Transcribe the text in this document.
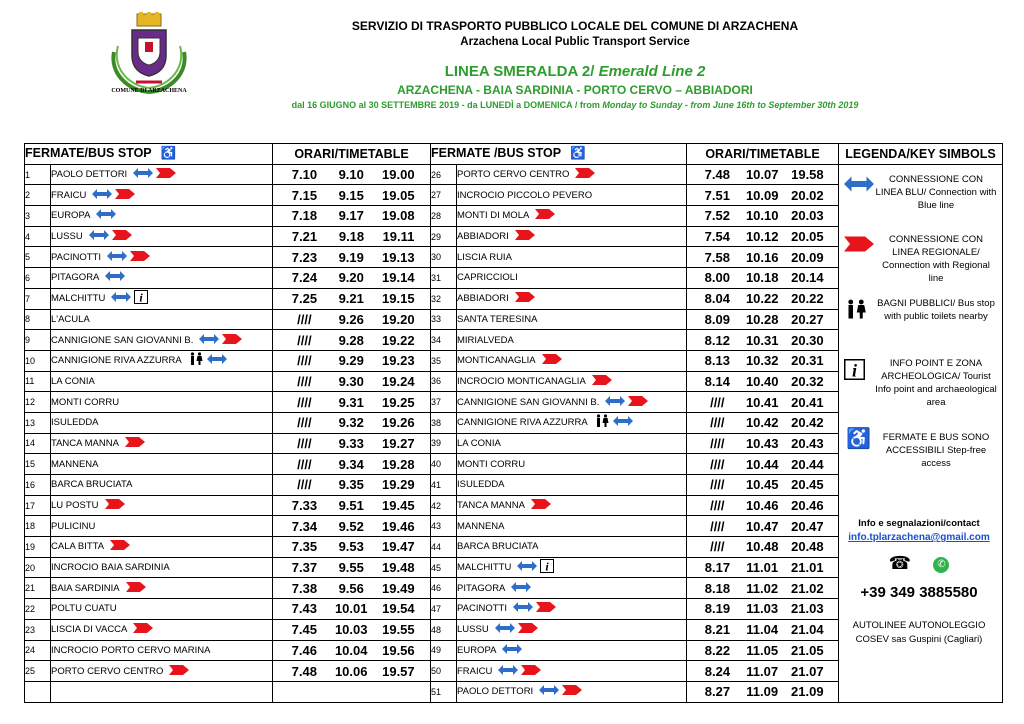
COMUNE DI ARZACHENA
SERVIZIO DI TRASPORTO PUBBLICO LOCALE DEL COMUNE DI ARZACHENA
Arzachena Local Public Transport Service
LINEA SMERALDA 2/ Emerald Line 2
ARZACHENA - BAIA SARDINIA - PORTO CERVO – ABBIADORI
dal 16 GIUGNO al 30 SETTEMBRE 2019 - da LUNEDÌ a DOMENICA / from Monday to Sunday - from June 16th to September 30th 2019
FERMATE/BUS STOP ♿		ORARI/TIMETABLE	FERMATE /BUS STOP ♿		ORARI/TIMETABLE	LEGENDA/KEY SIMBOLS
1	PAOLO DETTORI	7.10 9.10 19.00	26	PORTO CERVO CENTRO	7.48 10.07 19.58	

2	FRAICU	7.15 9.15 19.05	27	INCROCIO PICCOLO PEVERO	7.51 10.09 20.02	

3	EUROPA	7.18 9.17 19.08	28	MONTI DI MOLA	7.52 10.10 20.03	

4	LUSSU	7.21 9.18 19.11	29	ABBIADORI	7.54 10.12 20.05	

5	PACINOTTI	7.23 9.19 19.13	30	LISCIA RUIA	7.58 10.16 20.09	

6	PITAGORA	7.24 9.20 19.14	31	CAPRICCIOLI	8.00 10.18 20.14	

7	MALCHITTU i	7.25 9.21 19.15	32	ABBIADORI	8.04 10.22 20.22	

8	L'ACULA	//// 9.26 19.20	33	SANTA TERESINA	8.09 10.28 20.27	

9	CANNIGIONE SAN GIOVANNI B.	//// 9.28 19.22	34	MIRIALVEDA	8.12 10.31 20.30	

10	CANNIGIONE RIVA AZZURRA	//// 9.29 19.23	35	MONTICANAGLIA	8.13 10.32 20.31	

11	LA CONIA	//// 9.30 19.24	36	INCROCIO MONTICANAGLIA	8.14 10.40 20.32	

12	MONTI CORRU	//// 9.31 19.25	37	CANNIGIONE SAN GIOVANNI B.	//// 10.41 20.41	

13	ISULEDDA	//// 9.32 19.26	38	CANNIGIONE RIVA AZZURRA	//// 10.42 20.42	

14	TANCA MANNA	//// 9.33 19.27	39	LA CONIA	//// 10.43 20.43	

15	MANNENA	//// 9.34 19.28	40	MONTI CORRU	//// 10.44 20.44	

16	BARCA BRUCIATA	//// 9.35 19.29	41	ISULEDDA	//// 10.45 20.45	

17	LU POSTU	7.33 9.51 19.45	42	TANCA MANNA	//// 10.46 20.46	

18	PULICINU	7.34 9.52 19.46	43	MANNENA	//// 10.47 20.47	

19	CALA BITTA	7.35 9.53 19.47	44	BARCA BRUCIATA	//// 10.48 20.48	

20	INCROCIO BAIA SARDINIA	7.37 9.55 19.48	45	MALCHITTU i	8.17 11.01 21.01	

21	BAIA SARDINIA	7.38 9.56 19.49	46	PITAGORA	8.18 11.02 21.02	

22	POLTU CUATU	7.43 10.01 19.54	47	PACINOTTI	8.19 11.03 21.03	

23	LISCIA DI VACCA	7.45 10.03 19.55	48	LUSSU	8.21 11.04 21.04	

24	INCROCIO PORTO CERVO MARINA	7.46 10.04 19.56	49	EUROPA	8.22 11.05 21.05	

25	PORTO CERVO CENTRO	7.48 10.06 19.57	50	FRAICU	8.24 11.07 21.07	

			51	PAOLO DETTORI	8.27 11.09 21.09	
CONNESSIONE CON LINEA BLU/ Connection with Blue line
CONNESSIONE CON LINEA REGIONALE/ Connection with Regional line
BAGNI PUBBLICI/ Bus stop with public toilets nearby
i	INFO POINT E ZONA ARCHEOLOGICA/ Tourist Info point and archaeological area
♿	FERMATE E BUS SONO ACCESSIBILI Step-free access
Info e segnalazioni/contact
info.tplarzachena@gmail.com
☎	✆
+39 349 3885580
AUTOLINEE AUTONOLEGGIO
COSEV sas Guspini (Cagliari)
